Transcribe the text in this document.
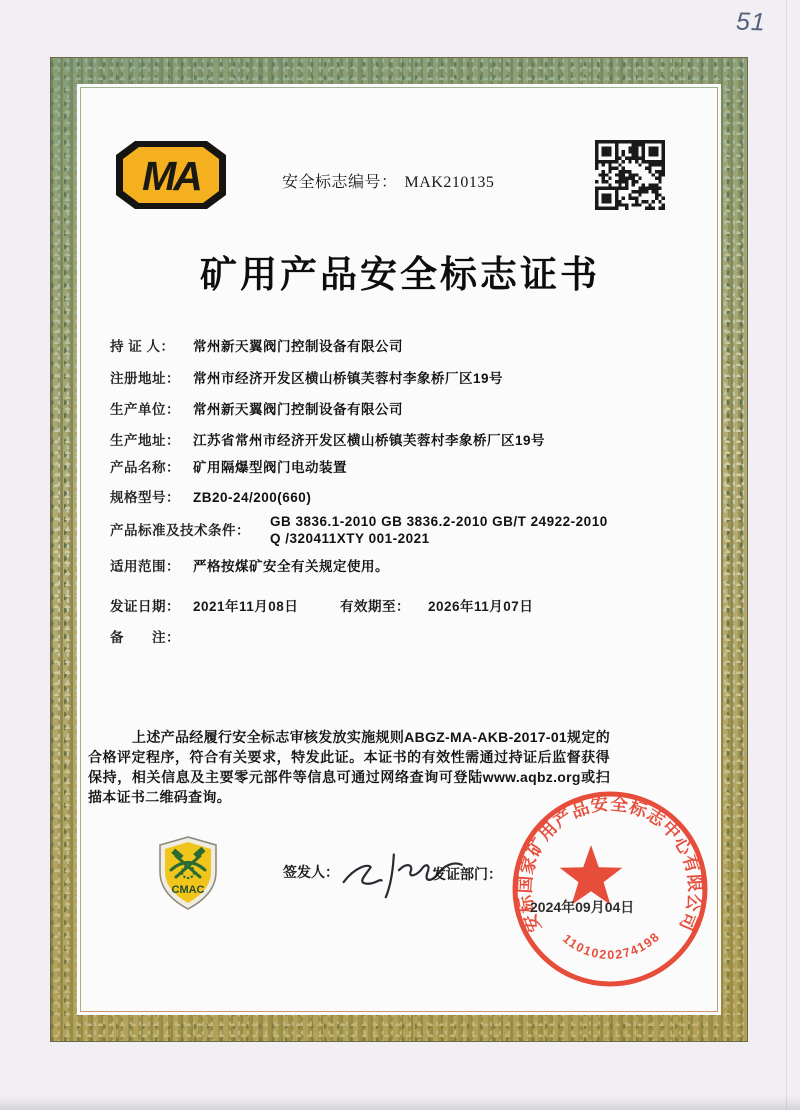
51
MA	安全标志编号： MAK210135
矿用产品安全标志证书
持 证 人：	常州新天翼阀门控制设备有限公司
注册地址： 常州市经济开发区横山桥镇芙蓉村李象桥厂区19号
生产单位： 常州新天翼阀门控制设备有限公司
生产地址： 江苏省常州市经济开发区横山桥镇芙蓉村李象桥厂区19号
产品名称： 矿用隔爆型阀门电动装置
规格型号： ZB20-24/200(660)
产品标准及技术条件：
GB 3836.1-2010 GB 3836.2-2010 GB/T 24922-2010 Q /320411XTY 001-2021
适用范围： 严格按煤矿安全有关规定使用。
发证日期： 2021年11月08日	有效期至： 2026年11月07日
备　　注：

上述产品经履行安全标志审核发放实施规则ABGZ-MA-AKB-2017-01规定的合格评定程序，符合有关要求，特发此证。本证书的有效性需通过持证后监督获得保持，相关信息及主要零元部件等信息可通过网络查询可登陆www.aqbz.org或扫描本证书二维码查询。

CMAC
签发人：	发证部门：
安标国家矿用产品安全标志中心有限公司
2024年09月04日
1101020274198
